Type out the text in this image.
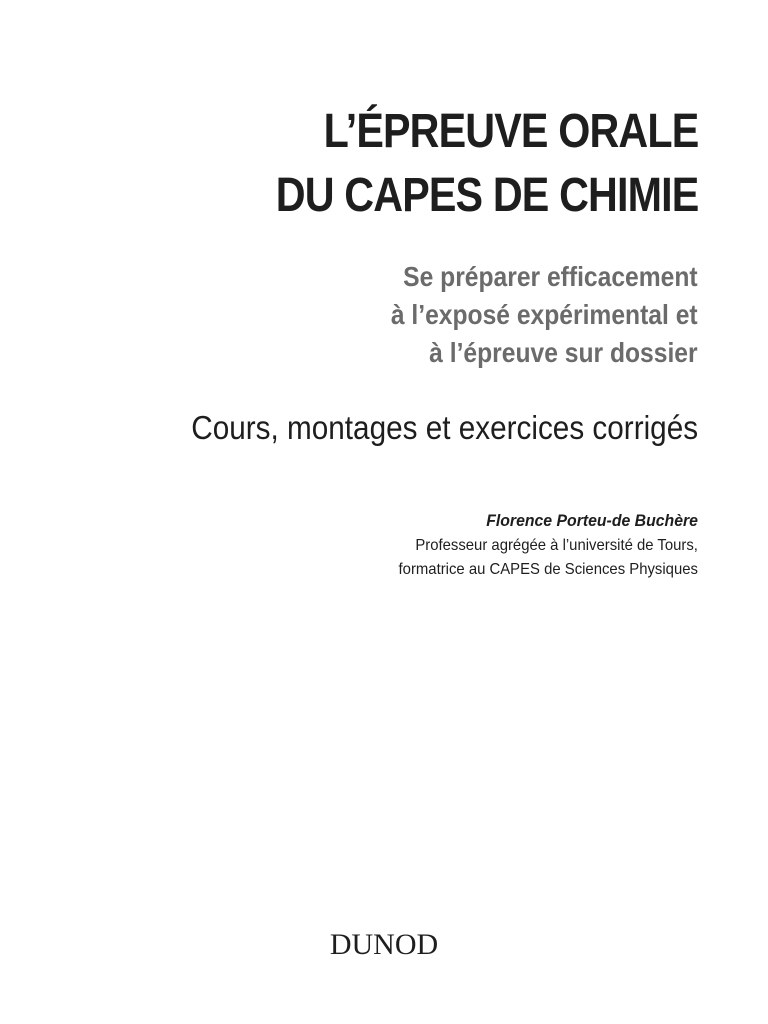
L’ÉPREUVE ORALE
DU CAPES DE CHIMIE
Se préparer efficacement
à l’exposé expérimental et
à l’épreuve sur dossier
Cours, montages et exercices corrigés
Florence Porteu-de Buchère
Professeur agrégée à l’université de Tours,
formatrice au CAPES de Sciences Physiques
DUNOD
